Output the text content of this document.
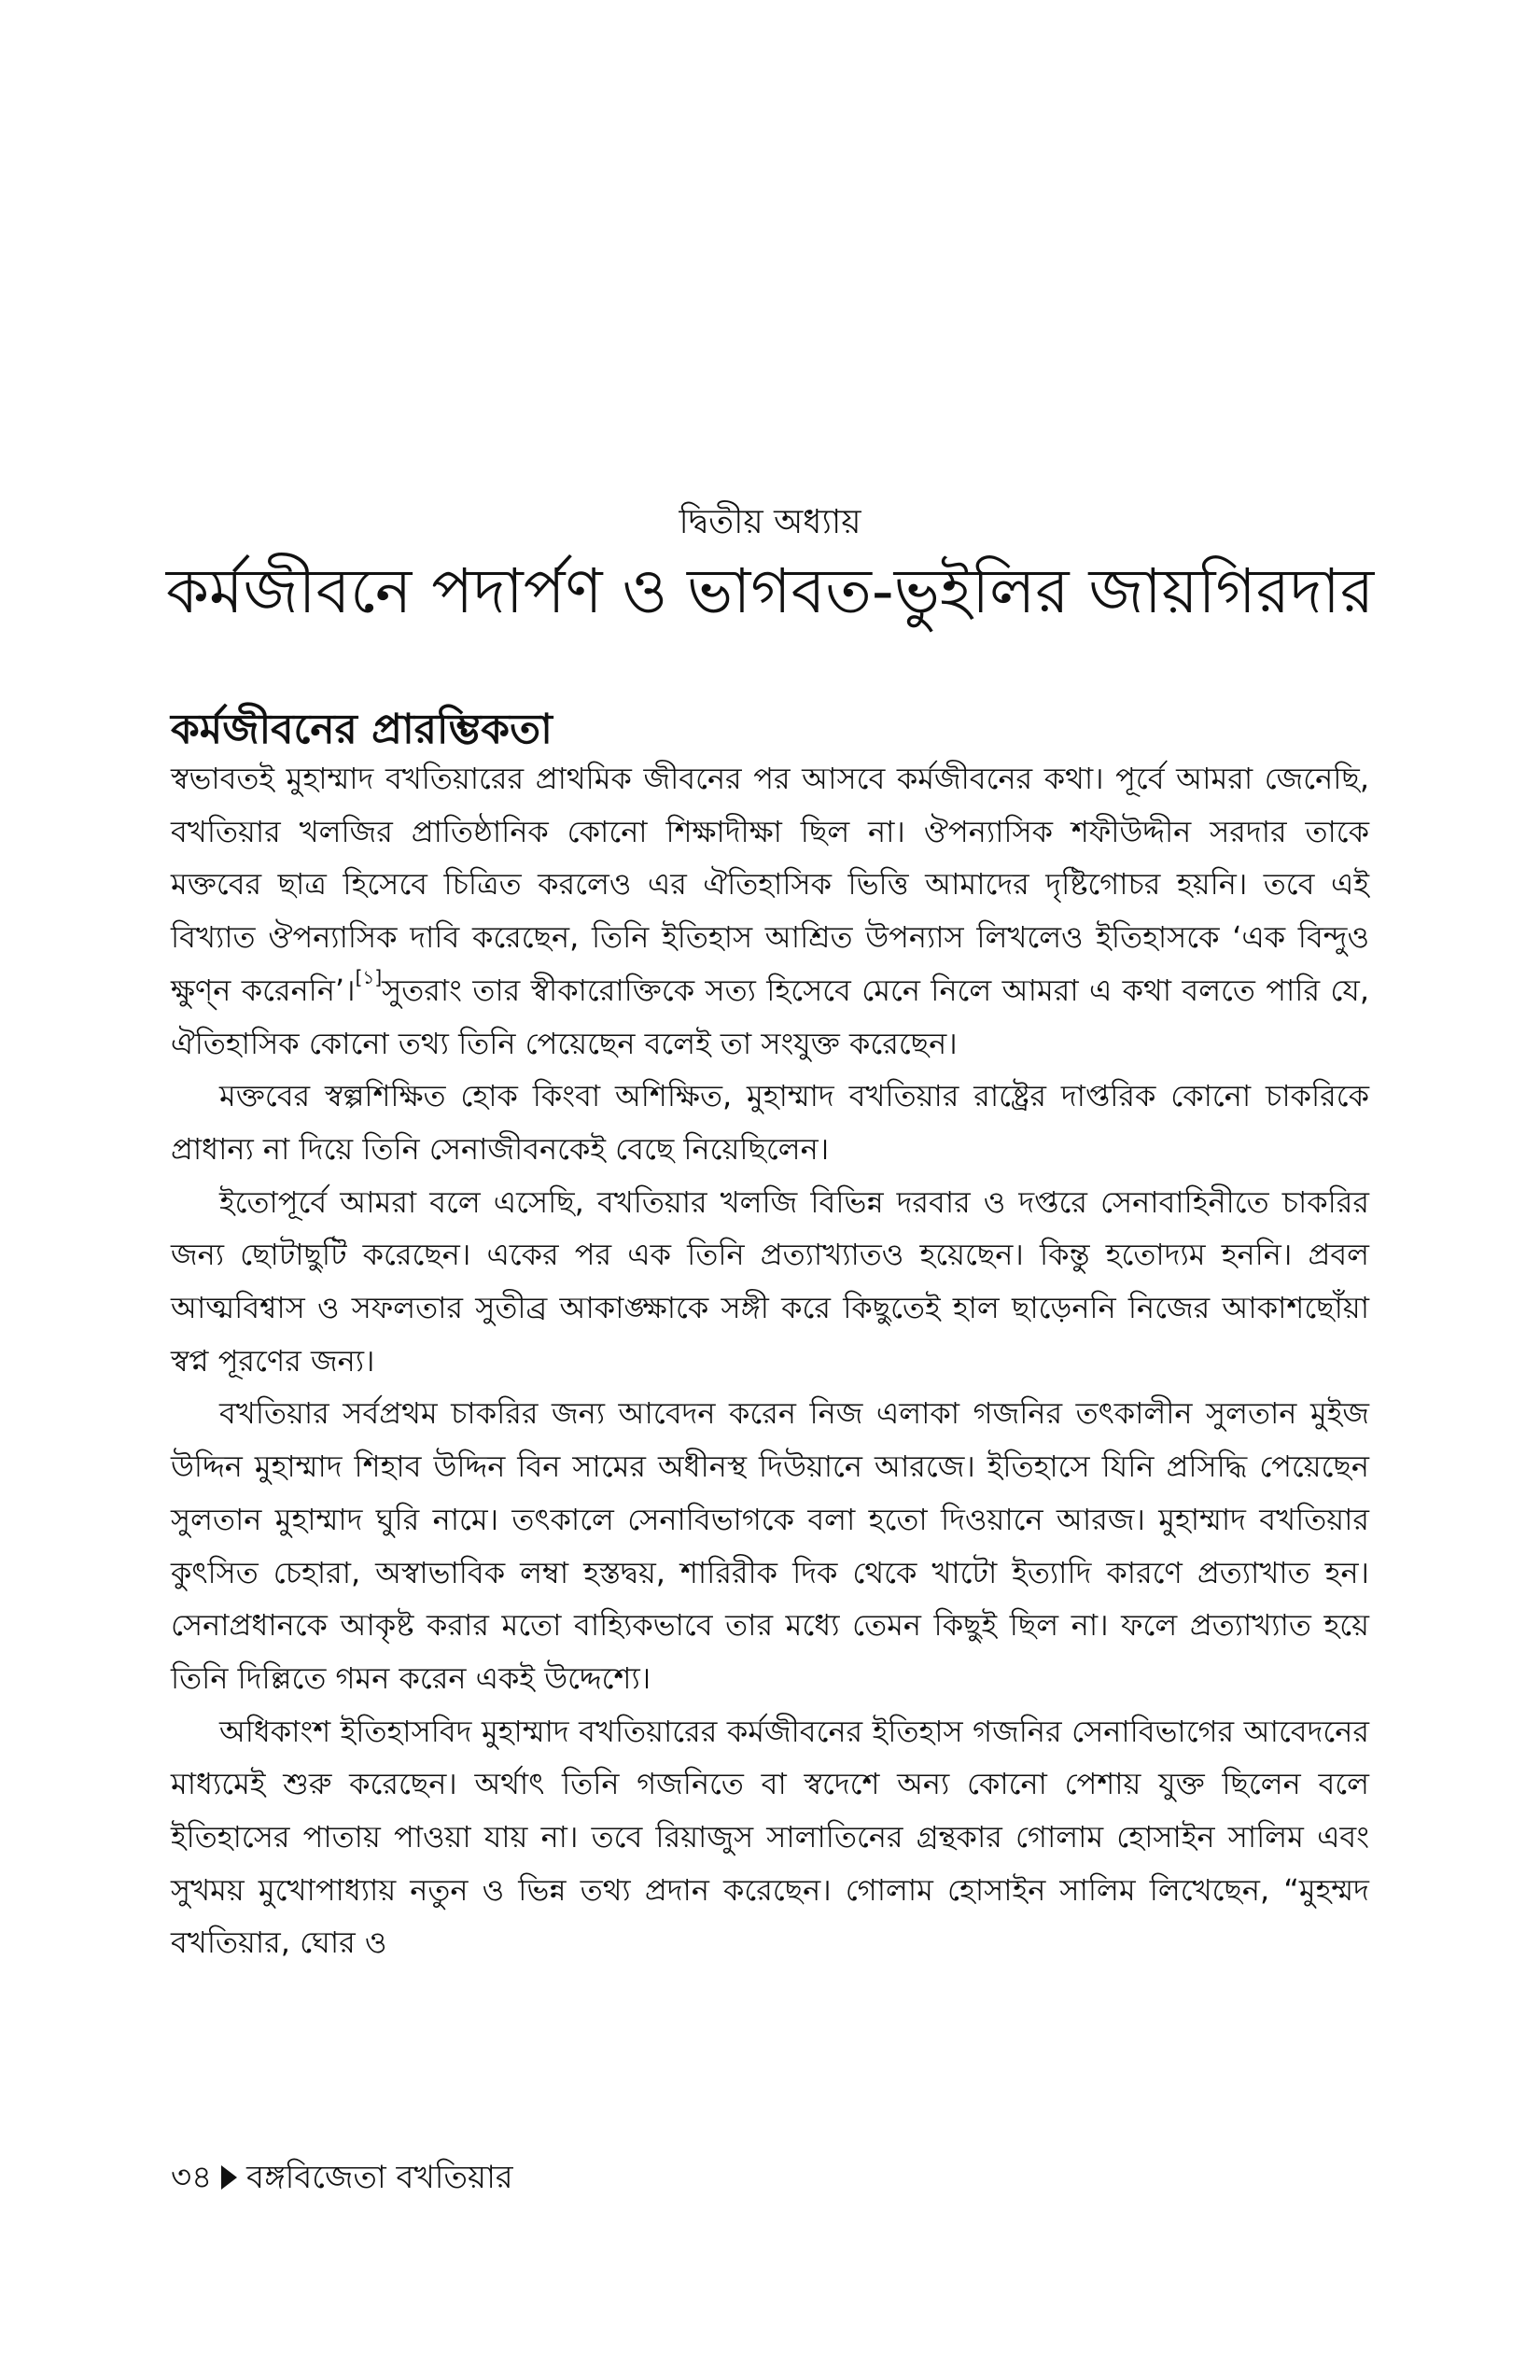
দ্বিতীয় অধ্যায়
কর্মজীবনে পদার্পণ ও ভাগবত-ভুইলির জায়গিরদার
কর্মজীবনের প্রারম্ভিকতা

স্বভাবতই মুহাম্মাদ বখতিয়ারের প্রাথমিক জীবনের পর আসবে কর্মজীবনের কথা। পূর্বে আমরা জেনেছি, বখতিয়ার খলজির প্রাতিষ্ঠানিক কোনো শিক্ষাদীক্ষা ছিল না। ঔপন্যাসিক শফীউদ্দীন সরদার তাকে মক্তবের ছাত্র হিসেবে চিত্রিত করলেও এর ঐতিহাসিক ভিত্তি আমাদের দৃষ্টিগোচর হয়নি। তবে এই বিখ্যাত ঔপন্যাসিক দাবি করেছেন, তিনি ইতিহাস আশ্রিত উপন্যাস লিখলেও ইতিহাসকে ‘এক বিন্দুও ক্ষুণ্ন করেননি’।[১]সুতরাং তার স্বীকারোক্তিকে সত্য হিসেবে মেনে নিলে আমরা এ কথা বলতে পারি যে, ঐতিহাসিক কোনো তথ্য তিনি পেয়েছেন বলেই তা সংযুক্ত করেছেন।

মক্তবের স্বল্পশিক্ষিত হোক কিংবা অশিক্ষিত, মুহাম্মাদ বখতিয়ার রাষ্ট্রের দাপ্তরিক কোনো চাকরিকে প্রাধান্য না দিয়ে তিনি সেনাজীবনকেই বেছে নিয়েছিলেন।

ইতোপূর্বে আমরা বলে এসেছি, বখতিয়ার খলজি বিভিন্ন দরবার ও দপ্তরে সেনাবাহিনীতে চাকরির জন্য ছোটাছুটি করেছেন। একের পর এক তিনি প্রত্যাখ্যাতও হয়েছেন। কিন্তু হতোদ্যম হননি। প্রবল আত্মবিশ্বাস ও সফলতার সুতীব্র আকাঙ্ক্ষাকে সঙ্গী করে কিছুতেই হাল ছাড়েননি নিজের আকাশছোঁয়া স্বপ্ন পূরণের জন্য।

বখতিয়ার সর্বপ্রথম চাকরির জন্য আবেদন করেন নিজ এলাকা গজনির তৎকালীন সুলতান মুইজ উদ্দিন মুহাম্মাদ শিহাব উদ্দিন বিন সামের অধীনস্থ দিউয়ানে আরজে। ইতিহাসে যিনি প্রসিদ্ধি পেয়েছেন সুলতান মুহাম্মাদ ঘুরি নামে। তৎকালে সেনাবিভাগকে বলা হতো দিওয়ানে আরজ। মুহাম্মাদ বখতিয়ার কুৎসিত চেহারা, অস্বাভাবিক লম্বা হস্তদ্বয়, শারিরীক দিক থেকে খাটো ইত্যাদি কারণে প্রত্যাখাত হন। সেনাপ্রধানকে আকৃষ্ট করার মতো বাহ্যিকভাবে তার মধ্যে তেমন কিছুই ছিল না। ফলে প্রত্যাখ্যাত হয়ে তিনি দিল্লিতে গমন করেন একই উদ্দেশ্যে।

অধিকাংশ ইতিহাসবিদ মুহাম্মাদ বখতিয়ারের কর্মজীবনের ইতিহাস গজনির সেনাবিভাগের আবেদনের মাধ্যমেই শুরু করেছেন। অর্থাৎ তিনি গজনিতে বা স্বদেশে অন্য কোনো পেশায় যুক্ত ছিলেন বলে ইতিহাসের পাতায় পাওয়া যায় না। তবে রিয়াজুস সালাতিনের গ্রন্থকার গোলাম হোসাইন সালিম এবং সুখময় মুখোপাধ্যায় নতুন ও ভিন্ন তথ্য প্রদান করেছেন। গোলাম হোসাইন সালিম লিখেছেন, “মুহম্মদ বখতিয়ার, ঘোর ও

৩৪ বঙ্গবিজেতা বখতিয়ার
